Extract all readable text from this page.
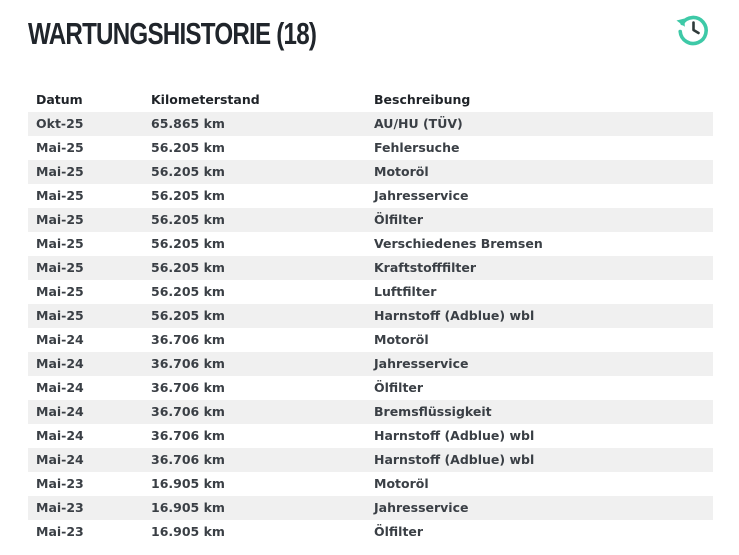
WARTUNGSHISTORIE (18)
Datum	Kilometerstand	Beschreibung
Okt-25	65.865 km	AU/HU (TÜV)
Mai-25	56.205 km	Fehlersuche
Mai-25	56.205 km	Motoröl
Mai-25	56.205 km	Jahresservice
Mai-25	56.205 km	Ölfilter
Mai-25	56.205 km	Verschiedenes Bremsen
Mai-25	56.205 km	Kraftstofffilter
Mai-25	56.205 km	Luftfilter
Mai-25	56.205 km	Harnstoff (Adblue) wbl
Mai-24	36.706 km	Motoröl
Mai-24	36.706 km	Jahresservice
Mai-24	36.706 km	Ölfilter
Mai-24	36.706 km	Bremsflüssigkeit
Mai-24	36.706 km	Harnstoff (Adblue) wbl
Mai-24	36.706 km	Harnstoff (Adblue) wbl
Mai-23	16.905 km	Motoröl
Mai-23	16.905 km	Jahresservice
Mai-23	16.905 km	Ölfilter
